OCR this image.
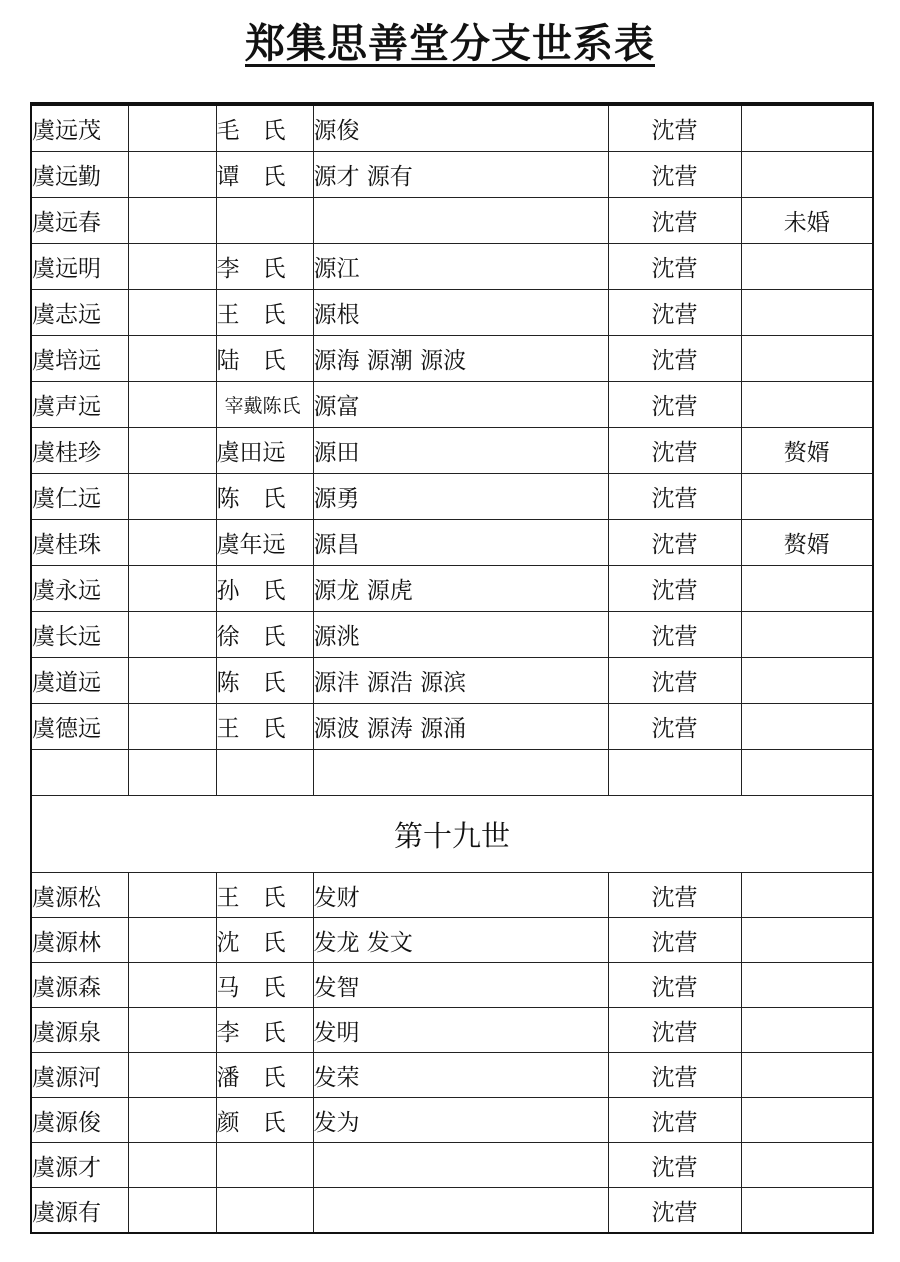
郑集思善堂分支世系表
虞远茂		毛　氏	源俊	沈营	
虞远勤		谭　氏	源才 源有	沈营	
虞远春				沈营	未婚
虞远明		李　氏	源江	沈营	
虞志远		王　氏	源根	沈营	
虞培远		陆　氏	源海 源潮 源波	沈营	
虞声远		宰戴陈氏	源富	沈营	
虞桂珍		虞田远	源田	沈营	赘婿
虞仁远		陈　氏	源勇	沈营	
虞桂珠		虞年远	源昌	沈营	赘婿
虞永远		孙　氏	源龙 源虎	沈营	
虞长远		徐　氏	源洮	沈营	
虞道远		陈　氏	源沣 源浩 源滨	沈营	
虞德远		王　氏	源波 源涛 源涌	沈营	

第十九世					
虞源松		王　氏	发财	沈营	
虞源林		沈　氏	发龙 发文	沈营	
虞源森		马　氏	发智	沈营	
虞源泉		李　氏	发明	沈营	
虞源河		潘　氏	发荣	沈营	
虞源俊		颜　氏	发为	沈营	
虞源才				沈营	
虞源有				沈营	
